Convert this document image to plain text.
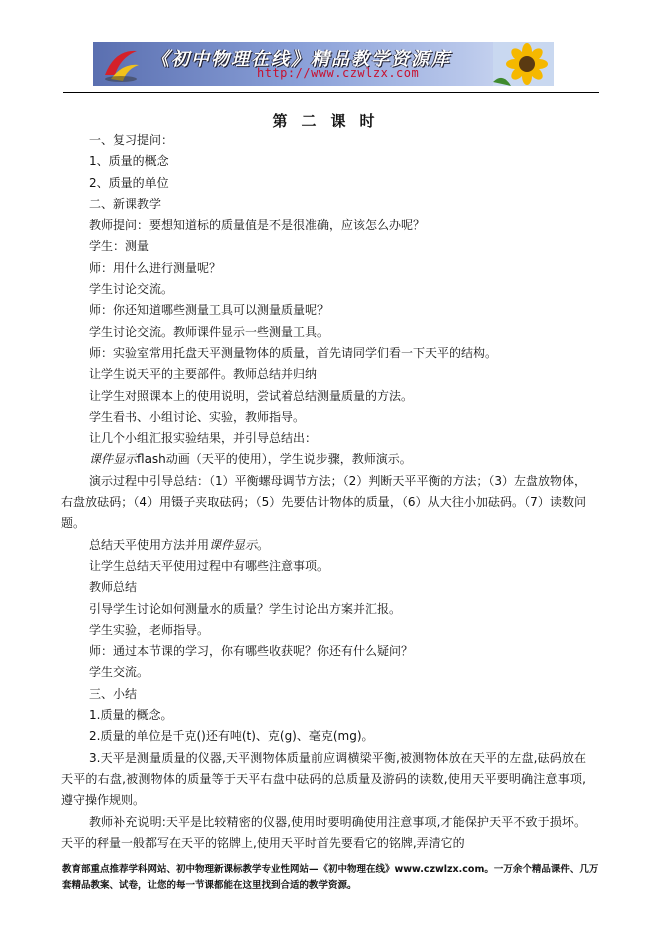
《初中物理在线》精品教学资源库
http://www.czwlzx.com
第二课时
一、复习提问：
1、质量的概念
2、质量的单位
二、新课教学
教师提问：要想知道标的质量值是不是很准确，应该怎么办呢？
学生：测量
师：用什么进行测量呢？
学生讨论交流。
师：你还知道哪些测量工具可以测量质量呢？
学生讨论交流。教师课件显示一些测量工具。
师：实验室常用托盘天平测量物体的质量，首先请同学们看一下天平的结构。
让学生说天平的主要部件。教师总结并归纳
让学生对照课本上的使用说明，尝试着总结测量质量的方法。
学生看书、小组讨论、实验，教师指导。
让几个小组汇报实验结果，并引导总结出：
课件显示flash动画（天平的使用），学生说步骤，教师演示。
演示过程中引导总结：（1）平衡螺母调节方法；（2）判断天平平衡的方法；（3）左盘放物体，右盘放砝码；（4）用镊子夹取砝码；（5）先要估计物体的质量，（6）从大往小加砝码。（7）读数问题。
总结天平使用方法并用课件显示。
让学生总结天平使用过程中有哪些注意事项。
教师总结
引导学生讨论如何测量水的质量？学生讨论出方案并汇报。
学生实验，老师指导。
师：通过本节课的学习，你有哪些收获呢？你还有什么疑问？
学生交流。
三、小结
1.质量的概念。
2.质量的单位是千克()还有吨(t)、克(g)、毫克(mg)。
3.天平是测量质量的仪器,天平测物体质量前应调横梁平衡,被测物体放在天平的左盘,砝码放在天平的右盘,被测物体的质量等于天平右盘中砝码的总质量及游码的读数,使用天平要明确注意事项,遵守操作规则。
教师补充说明:天平是比较精密的仪器,使用时要明确使用注意事项,才能保护天平不致于损坏。天平的秤量一般都写在天平的铭牌上,使用天平时首先要看它的铭牌,弄清它的
教育部重点推荐学科网站、初中物理新课标教学专业性网站—《初中物理在线》www.czwlzx.com。一万余个精品课件、几万套精品教案、试卷，让您的每一节课都能在这里找到合适的教学资源。
